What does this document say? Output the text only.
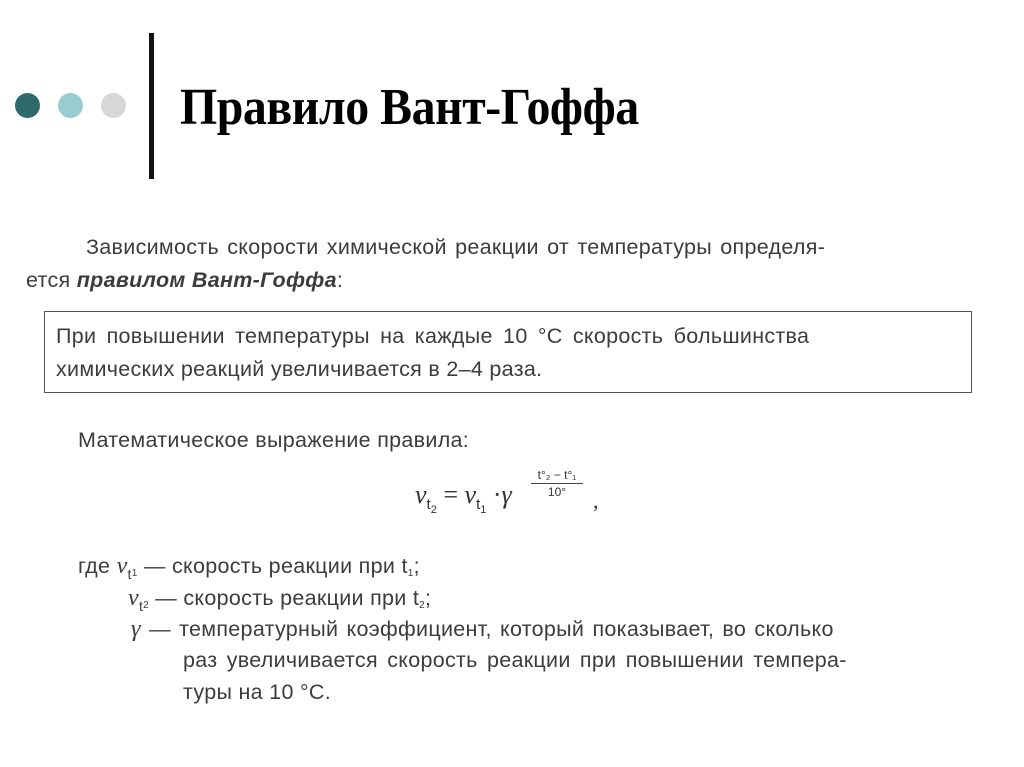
Правило Вант-Гоффа
Зависимость скорости химической реакции от температуры определя-
ется правилом Вант-Гоффа:
При повышении температуры на каждые 10 °С скорость большинства
химических реакций увеличивается в 2–4 раза.
Математическое выражение правила:
$v_{t_2} = v_{t_1} \cdot\gamma \frac{\text{t°₂ − t°₁}}{10^\circ}$
,
где $v_t1$ — скорость реакции при t1;
$v_t2$ — скорость реакции при t2;
γ — температурный коэффициент, который показывает, во сколько
раз увеличивается скорость реакции при повышении темпера-
туры на 10 °С.
